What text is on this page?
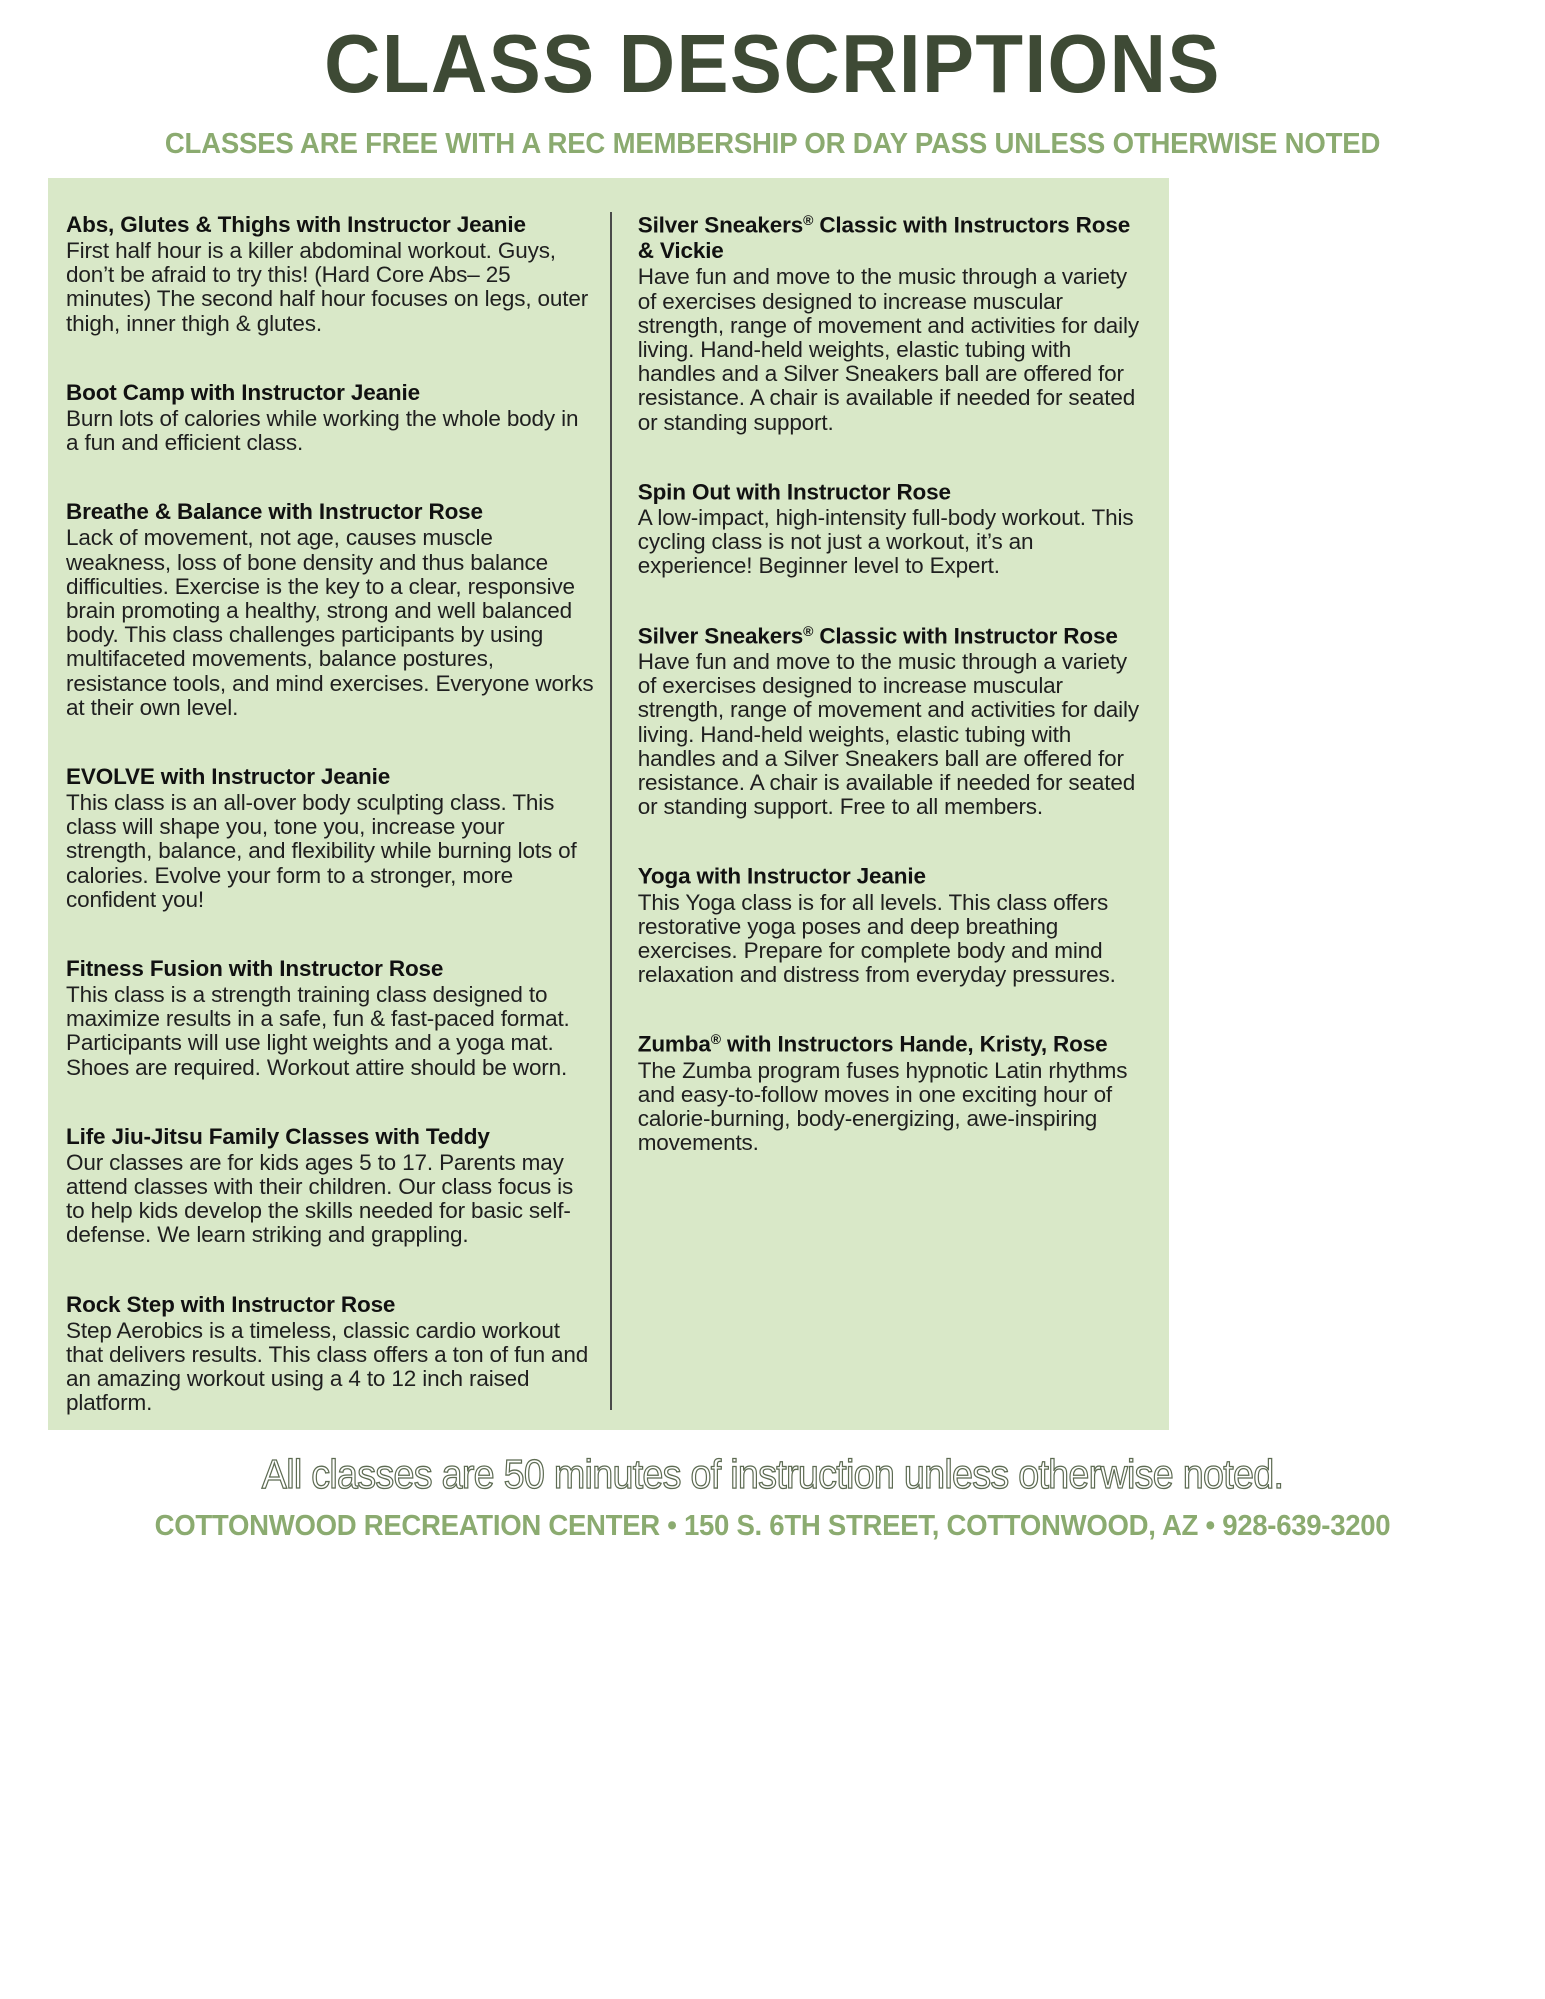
CLASS DESCRIPTIONS

CLASSES ARE FREE WITH A REC MEMBERSHIP OR DAY PASS UNLESS OTHERWISE NOTED

Abs, Glutes & Thighs with Instructor Jeanie
First half hour is a killer abdominal workout. Guys, don’t be afraid to try this! (Hard Core Abs– 25 minutes) The second half hour focuses on legs, outer thigh, inner thigh & glutes.
Boot Camp with Instructor Jeanie
Burn lots of calories while working the whole body in a fun and efficient class.
Breathe & Balance with Instructor Rose
Lack of movement, not age, causes muscle weakness, loss of bone density and thus balance difficulties. Exercise is the key to a clear, responsive brain promoting a healthy, strong and well balanced body. This class challenges participants by using multifaceted movements, balance postures, resistance tools, and mind exercises. Everyone works at their own level.
EVOLVE with Instructor Jeanie
This class is an all-over body sculpting class. This class will shape you, tone you, increase your strength, balance, and flexibility while burning lots of calories. Evolve your form to a stronger, more confident you!
Fitness Fusion with Instructor Rose
This class is a strength training class designed to maximize results in a safe, fun & fast-paced format. Participants will use light weights and a yoga mat. Shoes are required. Workout attire should be worn.
Life Jiu-Jitsu Family Classes with Teddy
Our classes are for kids ages 5 to 17. Parents may attend classes with their children. Our class focus is to help kids develop the skills needed for basic self-defense. We learn striking and grappling.
Rock Step with Instructor Rose
Step Aerobics is a timeless, classic cardio workout that delivers results. This class offers a ton of fun and an amazing workout using a 4 to 12 inch raised platform.
Silver Sneakers® Classic with Instructors Rose & Vickie
Have fun and move to the music through a variety of exercises designed to increase muscular strength, range of movement and activities for daily living. Hand-held weights, elastic tubing with handles and a Silver Sneakers ball are offered for resistance. A chair is available if needed for seated or standing support.
Spin Out with Instructor Rose
A low-impact, high-intensity full-body workout. This cycling class is not just a workout, it’s an experience! Beginner level to Expert.
Silver Sneakers® Classic with Instructor Rose
Have fun and move to the music through a variety of exercises designed to increase muscular strength, range of movement and activities for daily living. Hand-held weights, elastic tubing with handles and a Silver Sneakers ball are offered for resistance. A chair is available if needed for seated or standing support. Free to all members.
Yoga with Instructor Jeanie
This Yoga class is for all levels. This class offers restorative yoga poses and deep breathing exercises. Prepare for complete body and mind relaxation and distress from everyday pressures.
Zumba® with Instructors Hande, Kristy, Rose
The Zumba program fuses hypnotic Latin rhythms and easy-to-follow moves in one exciting hour of calorie-burning, body-energizing, awe-inspiring movements.

All classes are 50 minutes of instruction unless otherwise noted.

COTTONWOOD RECREATION CENTER • 150 S. 6TH STREET, COTTONWOOD, AZ • 928-639-3200
